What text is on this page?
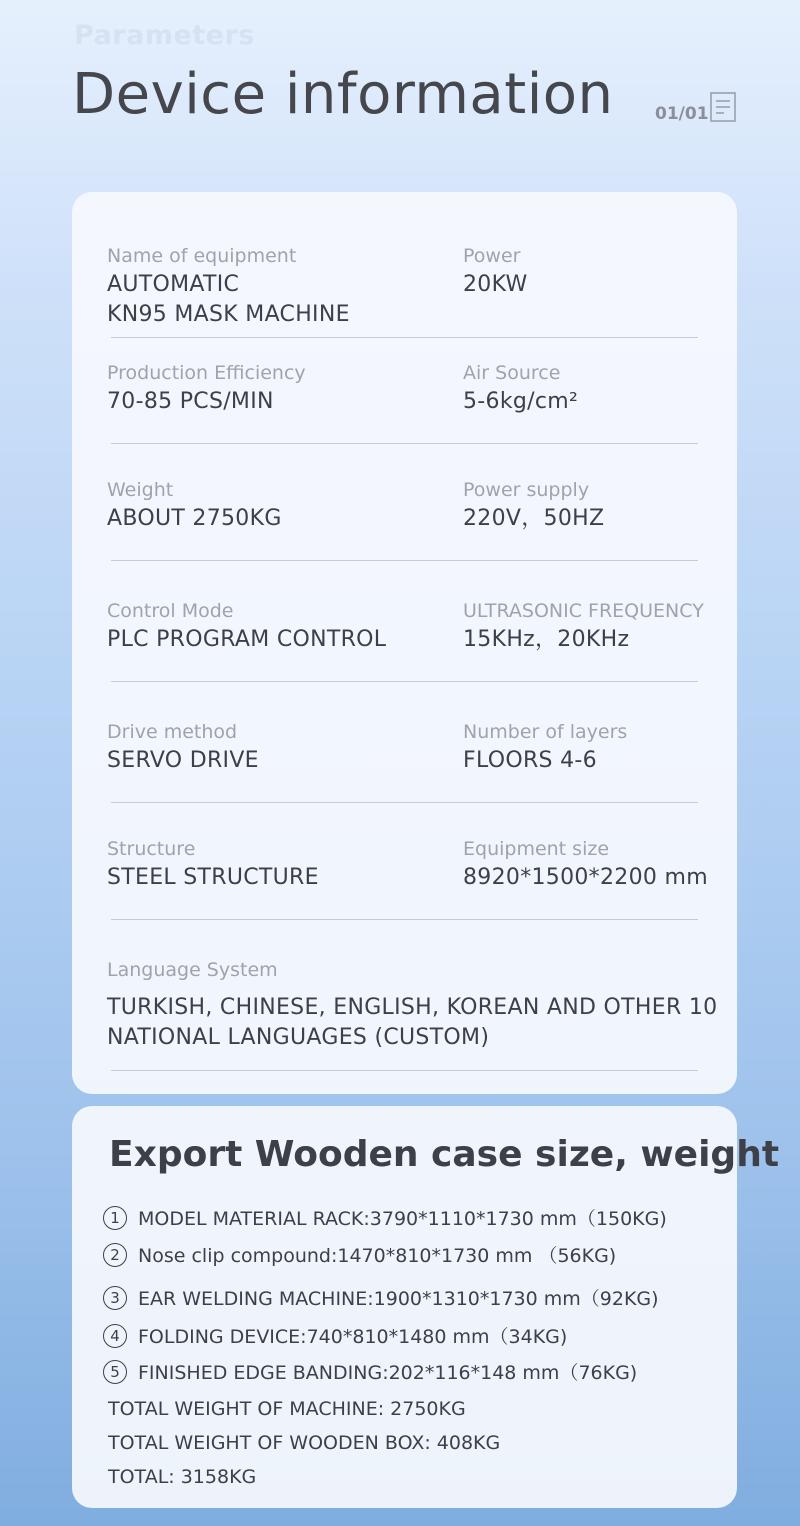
Parameters
Device information 01/01
Name of equipment
AUTOMATIC
KN95 MASK MACHINE
Power
20KW
Production Efficiency
70-85 PCS/MIN
Air Source
5-6kg/cm²
Weight
ABOUT 2750KG
Power supply
220V，50HZ
Control Mode
PLC PROGRAM CONTROL
ULTRASONIC FREQUENCY
15KHz，20KHz
Drive method
SERVO DRIVE
Number of layers
FLOORS 4-6
Structure
STEEL STRUCTURE
Equipment size
8920*1500*2200 mm
Language System
TURKISH, CHINESE, ENGLISH, KOREAN AND OTHER 10
NATIONAL LANGUAGES (CUSTOM)
Export Wooden case size, weight
1 MODEL MATERIAL RACK:3790*1110*1730 mm（150KG)
2 Nose clip compound:1470*810*1730 mm （56KG)
3 EAR WELDING MACHINE:1900*1310*1730 mm（92KG)
4 FOLDING DEVICE:740*810*1480 mm（34KG)
5 FINISHED EDGE BANDING:202*116*148 mm（76KG)
TOTAL WEIGHT OF MACHINE: 2750KG
TOTAL WEIGHT OF WOODEN BOX: 408KG
TOTAL: 3158KG
